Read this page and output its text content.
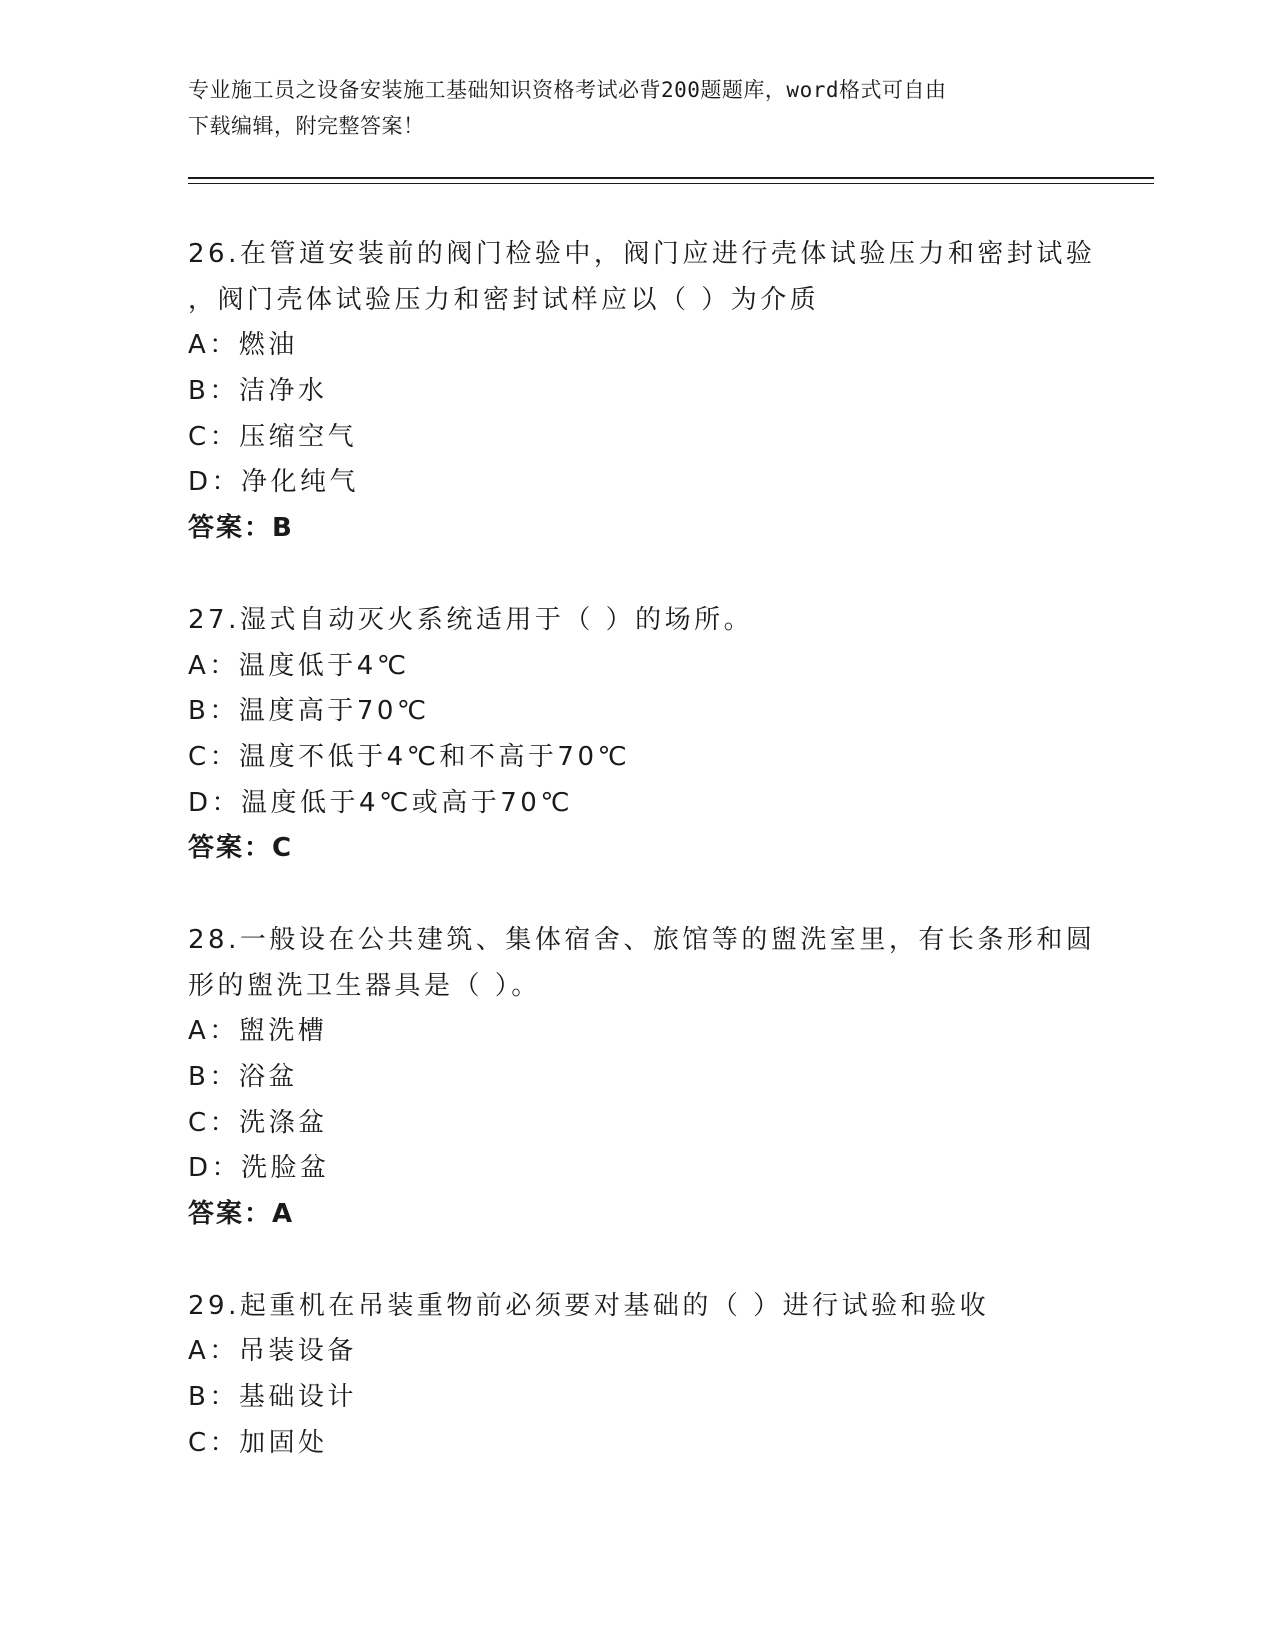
专业施工员之设备安装施工基础知识资格考试必背200题题库，word格式可自由
下载编辑，附完整答案！
26.在管道安装前的阀门检验中，阀门应进行壳体试验压力和密封试验
，阀门壳体试验压力和密封试样应以（ ）为介质
A：燃油
B：洁净水
C：压缩空气
D：净化纯气
答案：B
27.湿式自动灭火系统适用于（ ）的场所。
A：温度低于4℃
B：温度高于70℃
C：温度不低于4℃和不高于70℃
D：温度低于4℃或高于70℃
答案：C
28.一般设在公共建筑、集体宿舍、旅馆等的盥洗室里，有长条形和圆
形的盥洗卫生器具是（ ）。
A：盥洗槽
B：浴盆
C：洗涤盆
D：洗脸盆
答案：A
29.起重机在吊装重物前必须要对基础的（ ）进行试验和验收
A：吊装设备
B：基础设计
C：加固处
